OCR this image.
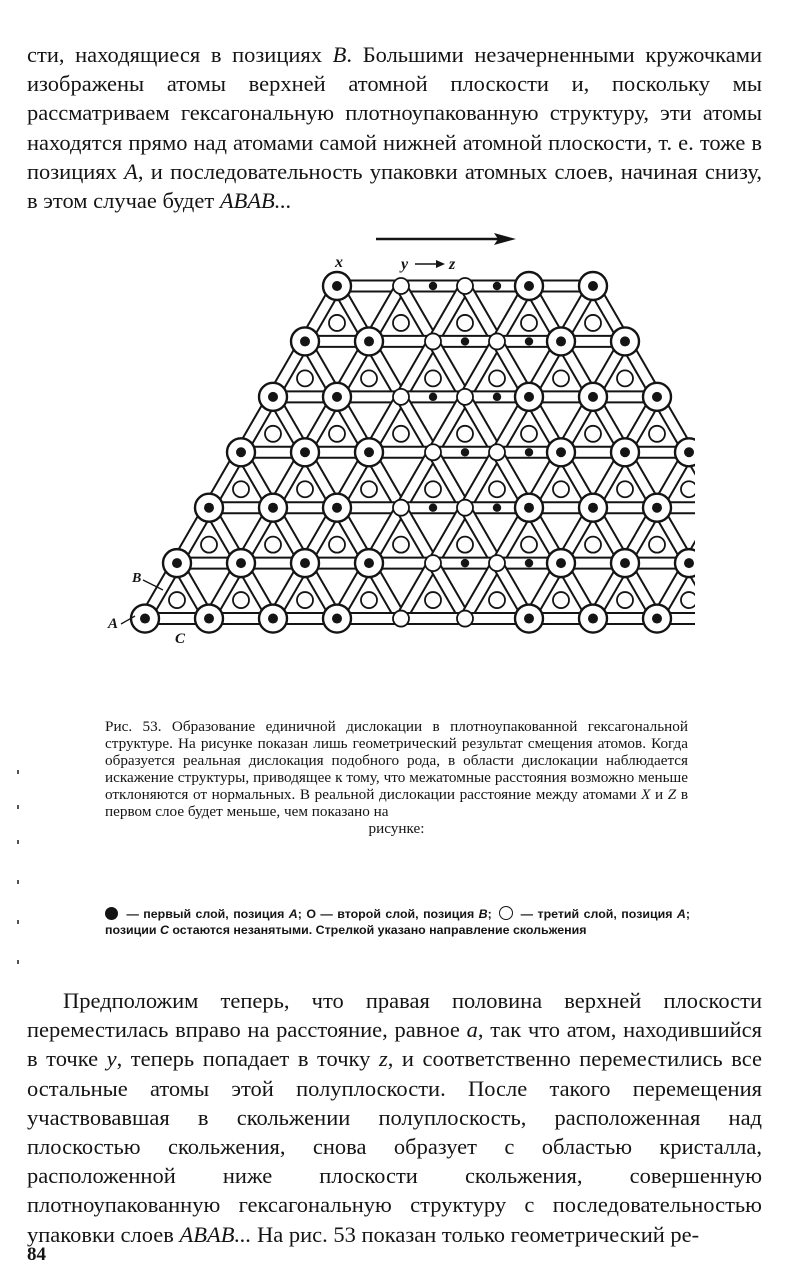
сти, находящиеся в позициях B. Большими незачерненными кружочками изображены атомы верхней атомной плоскости и, поскольку мы рассматриваем гексагональную плотноупакованную структуру, эти атомы находятся прямо над атомами самой нижней атомной плоскости, т. е. тоже в позициях A, и последовательность упаковки атомных слоев, начиная снизу, в этом случае будет ABAB...
x	y	z
B
A
C
Рис. 53. Образование единичной дислокации в плотноупакованной гексагональной структуре. На рисунке показан лишь геометрический результат смещения атомов. Когда образуется реальная дислокация подобного рода, в области дислокации наблюдается искажение структуры, приводящее к тому, что межатомные расстояния возможно меньше отклоняются от нормальных. В реальной дислокации расстояние между атомами X и Z в первом слое будет меньше, чем показано на
рисунке:
— первый слой, позиция A; О — второй слой, позиция B;  — третий слой, позиция A; позиции C остаются незанятыми. Стрелкой указано направление скольжения
Предположим теперь, что правая половина верхней плоскости переместилась вправо на расстояние, равное a, так что атом, находившийся в точке y, теперь попадает в точку z, и соответственно переместились все остальные атомы этой полуплоскости. После такого перемещения участвовавшая в скольжении полуплоскость, расположенная над плоскостью скольжения, снова образует с областью кристалла, расположенной ниже плоскости скольжения, совершенную плотноупакованную гексагональную структуру с последовательностью упаковки слоев ABAB... На рис. 53 показан только геометрический ре-
84
